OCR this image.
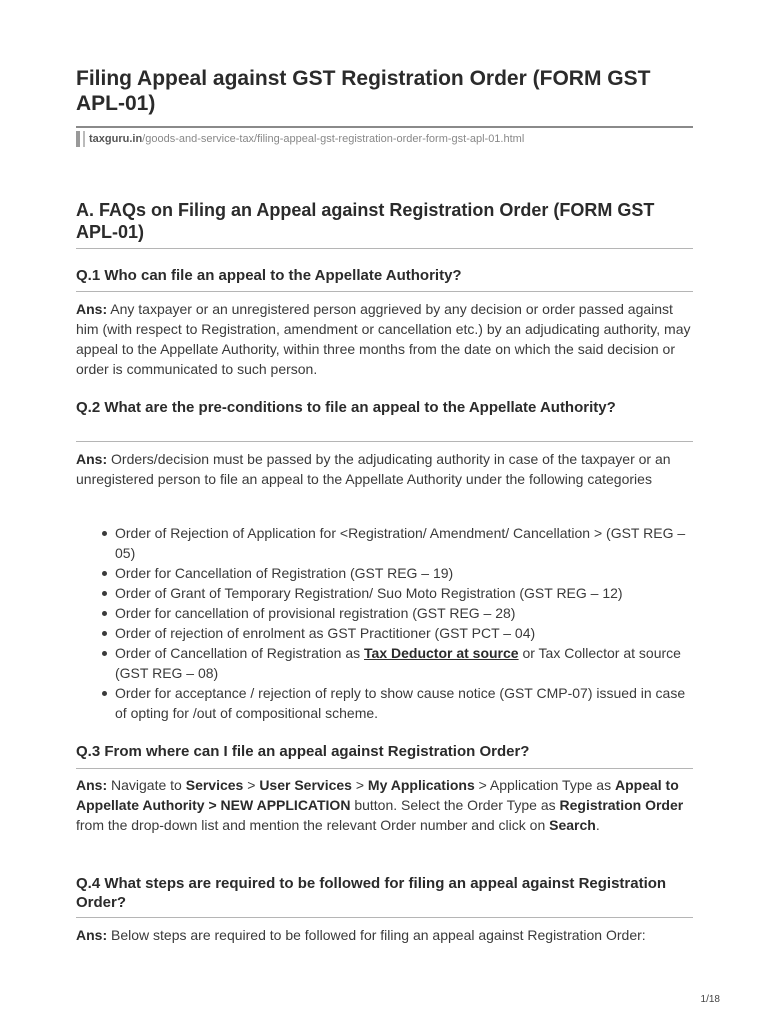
Filing Appeal against GST Registration Order (FORM GST APL-01)
taxguru.in /goods-and-service-tax/filing-appeal-gst-registration-order-form-gst-apl-01.html
A. FAQs on Filing an Appeal against Registration Order (FORM GST APL-01)
Q.1 Who can file an appeal to the Appellate Authority?

Ans: Any taxpayer or an unregistered person aggrieved by any decision or order passed against him (with respect to Registration, amendment or cancellation etc.) by an adjudicating authority, may appeal to the Appellate Authority, within three months from the date on which the said decision or order is communicated to such person.

Q.2 What are the pre-conditions to file an appeal to the Appellate Authority?

Ans: Orders/decision must be passed by the adjudicating authority in case of the taxpayer or an unregistered person to file an appeal to the Appellate Authority under the following categories

Order of Rejection of Application for <Registration/ Amendment/ Cancellation > (GST REG – 05)
Order for Cancellation of Registration (GST REG – 19)
Order of Grant of Temporary Registration/ Suo Moto Registration (GST REG – 12)
Order for cancellation of provisional registration (GST REG – 28)
Order of rejection of enrolment as GST Practitioner (GST PCT – 04)
Order of Cancellation of Registration as Tax Deductor at source or Tax Collector at source (GST REG – 08)
Order for acceptance / rejection of reply to show cause notice (GST CMP-07) issued in case of opting for /out of compositional scheme.
Q.3 From where can I file an appeal against Registration Order?

Ans: Navigate to Services > User Services > My Applications > Application Type as Appeal to Appellate Authority > NEW APPLICATION button. Select the Order Type as Registration Order from the drop-down list and mention the relevant Order number and click on Search.

Q.4 What steps are required to be followed for filing an appeal against Registration Order?

Ans: Below steps are required to be followed for filing an appeal against Registration Order:

1/18
